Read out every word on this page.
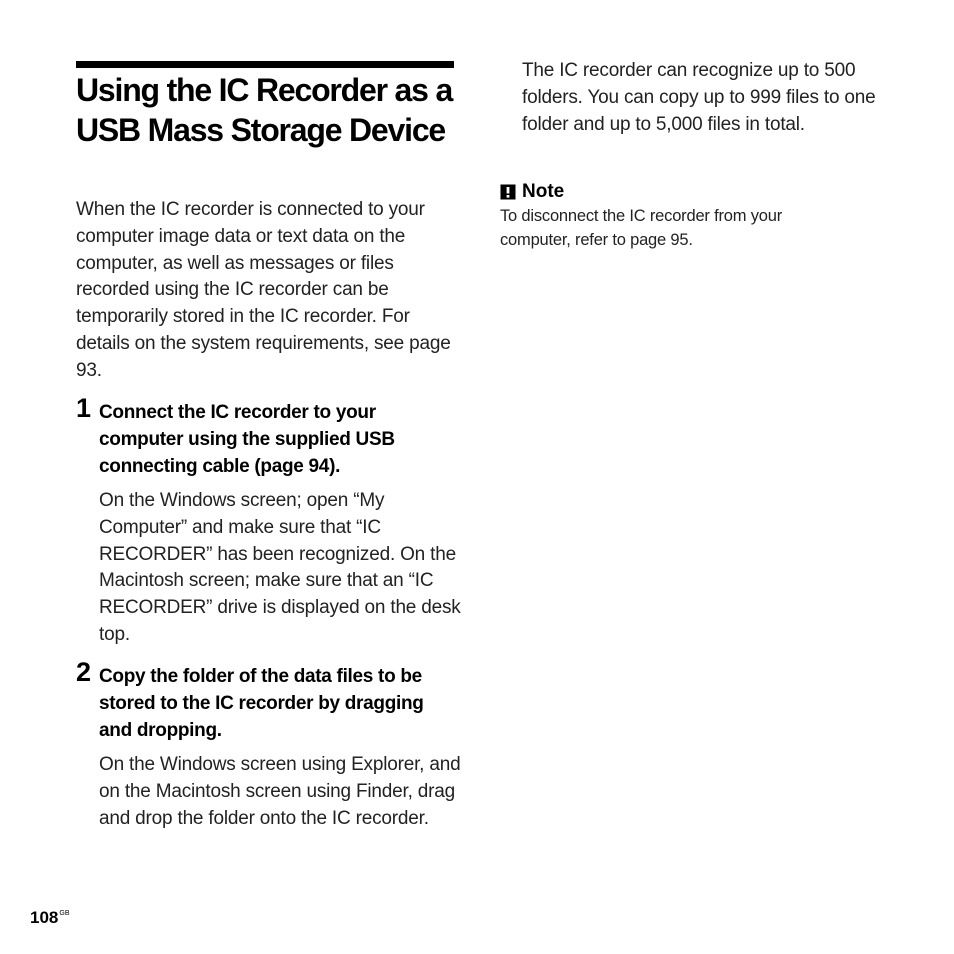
Using the IC Recorder as a USB Mass Storage Device

When the IC recorder is connected to your computer image data or text data on the computer, as well as messages or files recorded using the IC recorder can be temporarily stored in the IC recorder. For details on the system requirements, see page 93.

1 Connect the IC recorder to your computer using the supplied USB connecting cable (page 94).

On the Windows screen; open “My Computer” and make sure that “IC RECORDER” has been recognized. On the Macintosh screen; make sure that an “IC RECORDER” drive is displayed on the desk top.

2 Copy the folder of the data files to be stored to the IC recorder by dragging and dropping.

On the Windows screen using Explorer, and on the Macintosh screen using Finder, drag and drop the folder onto the IC recorder.

The IC recorder can recognize up to 500 folders. You can copy up to 999 files to one folder and up to 5,000 files in total.

Note

To disconnect the IC recorder from your computer, refer to page 95.

$108^{GB}$
